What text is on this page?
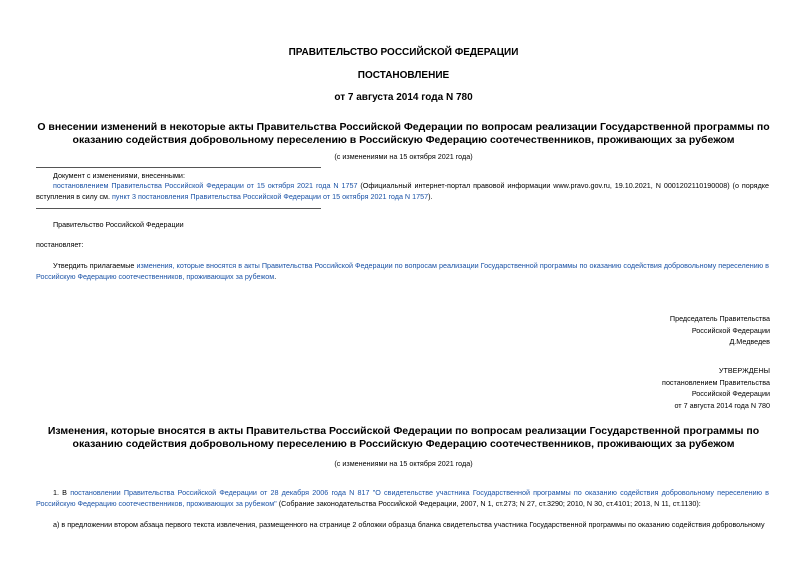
ПРАВИТЕЛЬСТВО РОССИЙСКОЙ ФЕДЕРАЦИИ
ПОСТАНОВЛЕНИЕ
от 7 августа 2014 года N 780
О внесении изменений в некоторые акты Правительства Российской Федерации по вопросам реализации Государственной программы по оказанию содействия добровольному переселению в Российскую Федерацию соотечественников, проживающих за рубежом
(с изменениями на 15 октября 2021 года)
Документ с изменениями, внесенными:
постановлением Правительства Российской Федерации от 15 октября 2021 года N 1757 (Официальный интернет-портал правовой информации www.pravo.gov.ru, 19.10.2021, N 0001202110190008) (о порядке вступления в силу см. пункт 3 постановления Правительства Российской Федерации от 15 октября 2021 года N 1757).
Правительство Российской Федерации
постановляет:
Утвердить прилагаемые изменения, которые вносятся в акты Правительства Российской Федерации по вопросам реализации Государственной программы по оказанию содействия добровольному переселению в Российскую Федерацию соотечественников, проживающих за рубежом.
Председатель Правительства
Российской Федерации
Д.Медведев
УТВЕРЖДЕНЫ
постановлением Правительства
Российской Федерации
от 7 августа 2014 года N 780
Изменения, которые вносятся в акты Правительства Российской Федерации по вопросам реализации Государственной программы по оказанию содействия добровольному переселению в Российскую Федерацию соотечественников, проживающих за рубежом
(с изменениями на 15 октября 2021 года)
1. В постановлении Правительства Российской Федерации от 28 декабря 2006 года N 817 "О свидетельстве участника Государственной программы по оказанию содействия добровольному переселению в Российскую Федерацию соотечественников, проживающих за рубежом" (Собрание законодательства Российской Федерации, 2007, N 1, ст.273; N 27, ст.3290; 2010, N 30, ст.4101; 2013, N 11, ст.1130):
а) в предложении втором абзаца первого текста извлечения, размещенного на странице 2 обложки образца бланка свидетельства участника Государственной программы по оказанию содействия добровольному
